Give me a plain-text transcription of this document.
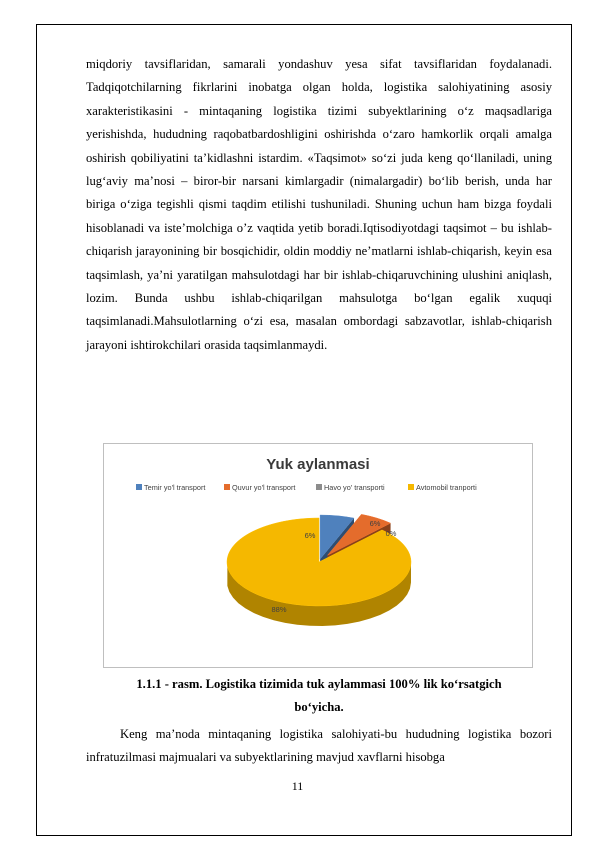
miqdoriy tavsiflaridan, samarali yondashuv yesa sifat tavsiflaridan foydalanadi. Tadqiqotchilarning fikrlarini inobatga olgan holda, logistika salohiyatining asosiy xarakteristikasini - mintaqaning logistika tizimi subyektlarining o‘z maqsadlariga yerishishda, hududning raqobatbardoshligini oshirishda o‘zaro hamkorlik orqali amalga oshirish qobiliyatini ta’kidlashni istardim. «Taqsimot» so‘zi juda keng qo‘llaniladi, uning lug‘aviy ma’nosi – biror-bir narsani kimlargadir (nimalargadir) bo‘lib berish, unda har biriga o‘ziga tegishli qismi taqdim etilishi tushuniladi. Shuning uchun ham bizga foydali hisoblanadi va iste’molchiga o’z vaqtida yetib boradi.Iqtisodiyotdagi taqsimot – bu ishlab-chiqarish jarayonining bir bosqichidir, oldin moddiy ne’matlarni ishlab-chiqarish, keyin esa taqsimlash, ya’ni yaratilgan mahsulotdagi har bir ishlab-chiqaruvchining ulushini aniqlash, lozim. Bunda ushbu ishlab-chiqarilgan mahsulotga bo‘lgan egalik xuquqi taqsimlanadi.Mahsulotlarning o‘zi esa, masalan ombordagi sabzavotlar, ishlab-chiqarish jarayoni ishtirokchilari orasida taqsimlanmaydi.

Yuk aylanmasi
Temir yo'l transport	Quvur yo'l transport	Havo yo' transporti	Avtomobil tranporti
6%
6%
0%
88%
1.1.1 - rasm. Logistika tizimida tuk aylammasi 100% lik ko‘rsatgich
bo‘yicha.
Keng ma’noda mintaqaning logistika salohiyati-bu hududning logistika bozori infratuzilmasi majmualari va subyektlarining mavjud xavflarni hisobga
11
